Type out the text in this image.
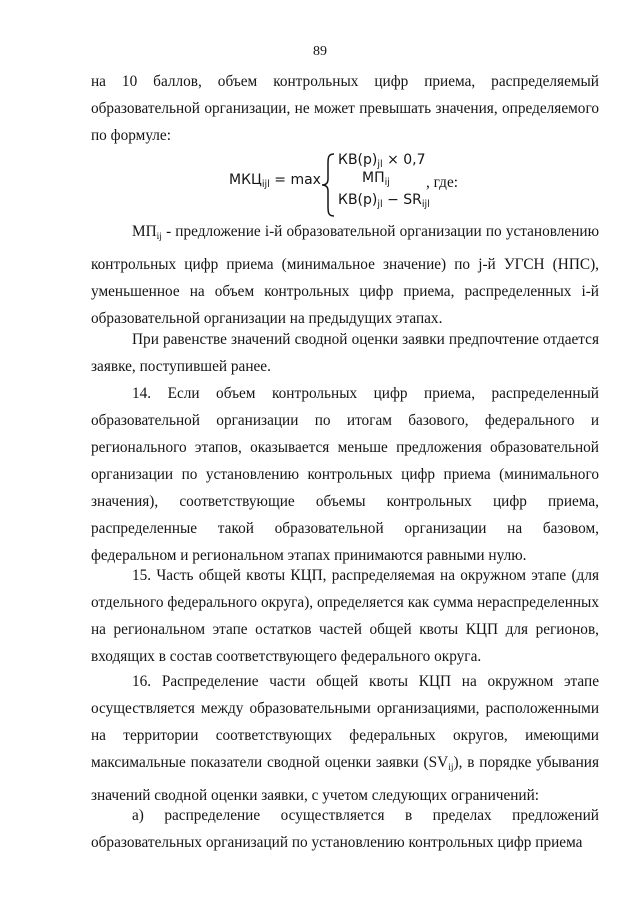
89

на 10 баллов, объем контрольных цифр приема, распределяемый образовательной организации, не может превышать значения, определяемого по формуле:

$МКЦ_{ijl} = \max$
$КВ(р)_{jl} \times 0,7$
$МП_{ij}$
$КВ(р)_{jl} - SR_{ijl}$
, где:

$МП_{ij}$ - предложение i-й образовательной организации по установлению контрольных цифр приема (минимальное значение) по j-й УГСН (НПС), уменьшенное на объем контрольных цифр приема, распределенных i-й образовательной организации на предыдущих этапах.

При равенстве значений сводной оценки заявки предпочтение отдается заявке, поступившей ранее.

14. Если объем контрольных цифр приема, распределенный образовательной организации по итогам базового, федерального и регионального этапов, оказывается меньше предложения образовательной организации по установлению контрольных цифр приема (минимального значения), соответствующие объемы контрольных цифр приема, распределенные такой образовательной организации на базовом, федеральном и региональном этапах принимаются равными нулю.

15. Часть общей квоты КЦП, распределяемая на окружном этапе (для отдельного федерального округа), определяется как сумма нераспределенных на региональном этапе остатков частей общей квоты КЦП для регионов, входящих в состав соответствующего федерального округа.

16. Распределение части общей квоты КЦП на окружном этапе осуществляется между образовательными организациями, расположенными на территории соответствующих федеральных округов, имеющими максимальные показатели сводной оценки заявки $(SV_{ij})$, в порядке убывания значений сводной оценки заявки, с учетом следующих ограничений:

а) распределение осуществляется в пределах предложений образовательных организаций по установлению контрольных цифр приема
